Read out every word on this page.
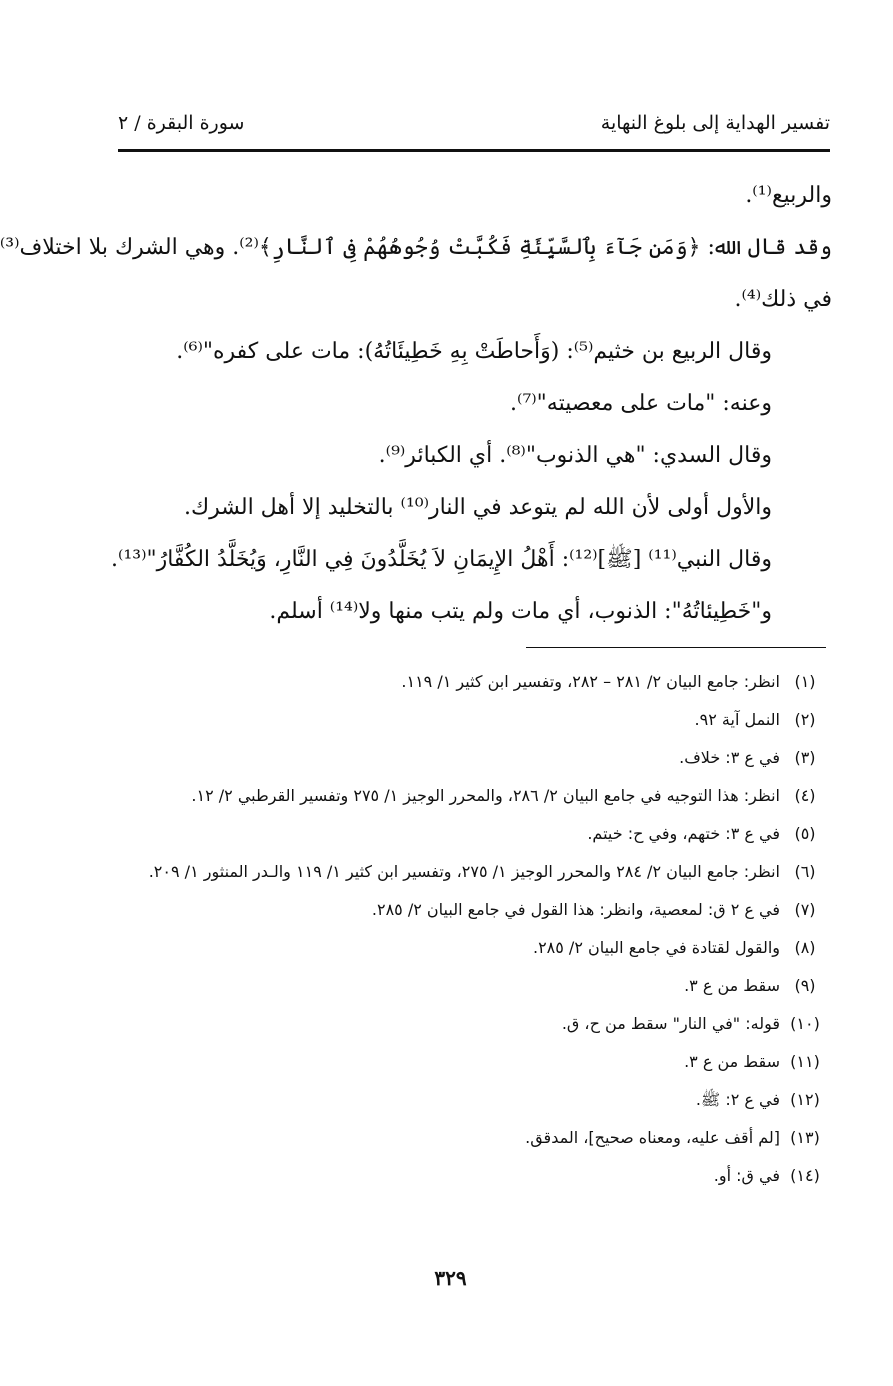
تفسير الهداية إلى بلوغ النهاية
سورة البقرة / ٢
والربيع⁽¹⁾.
وقد قال الله: ﴿وَمَن جَآءَ بِٱلسَّيِّئَةِ فَكُبَّتْ وُجُوهُهُمْ فِى ٱلنَّارِ﴾⁽²⁾. وهي الشرك بلا اختلاف⁽³⁾
في ذلك⁽⁴⁾.
وقال الربيع بن خثيم⁽⁵⁾: (وَأَحاطَتْ بِهِ خَطِيئَاتُهُ): مات على كفره"⁽⁶⁾.
وعنه: "مات على معصيته"⁽⁷⁾.
وقال السدي: "هي الذنوب"⁽⁸⁾. أي الكبائر⁽⁹⁾.
والأول أولى لأن الله لم يتوعد في النار⁽¹⁰⁾ بالتخليد إلا أهل الشرك.
وقال النبي⁽¹¹⁾ [ﷺ]⁽¹²⁾: أَهْلُ الإِيمَانِ لاَ يُخَلَّدُونَ فِي النَّارِ، وَيُخَلَّدُ الكُفَّارُ"⁽¹³⁾.
و"خَطِيئاتُهُ": الذنوب، أي مات ولم يتب منها ولا⁽¹⁴⁾ أسلم.
(١)
انظر: جامع البيان ٢/ ٢٨١ – ٢٨٢، وتفسير ابن كثير ١/ ١١٩.
(٢)
النمل آية ٩٢.
(٣)
في ع ٣: خلاف.
(٤)
انظر: هذا التوجيه في جامع البيان ٢/ ٢٨٦، والمحرر الوجيز ١/ ٢٧٥ وتفسير القرطبي ٢/ ١٢.
(٥)
في ع ٣: ختهم، وفي ح: خيتم.
(٦)
انظر: جامع البيان ٢/ ٢٨٤ والمحرر الوجيز ١/ ٢٧٥، وتفسير ابن كثير ١/ ١١٩ والـدر المنثور ١/ ٢٠٩.
(٧)
في ع ٢ ق: لمعصية، وانظر: هذا القول في جامع البيان ٢/ ٢٨٥.
(٨)
والقول لقتادة في جامع البيان ٢/ ٢٨٥.
(٩)
سقط من ع ٣.
(١٠)
قوله: "في النار" سقط من ح، ق.
(١١)
سقط من ع ٣.
(١٢)
في ع ٢: ﷺ.
(١٣)
[لم أقف عليه، ومعناه صحيح]، المدقق.
(١٤)
في ق: أو.
٣٢٩
